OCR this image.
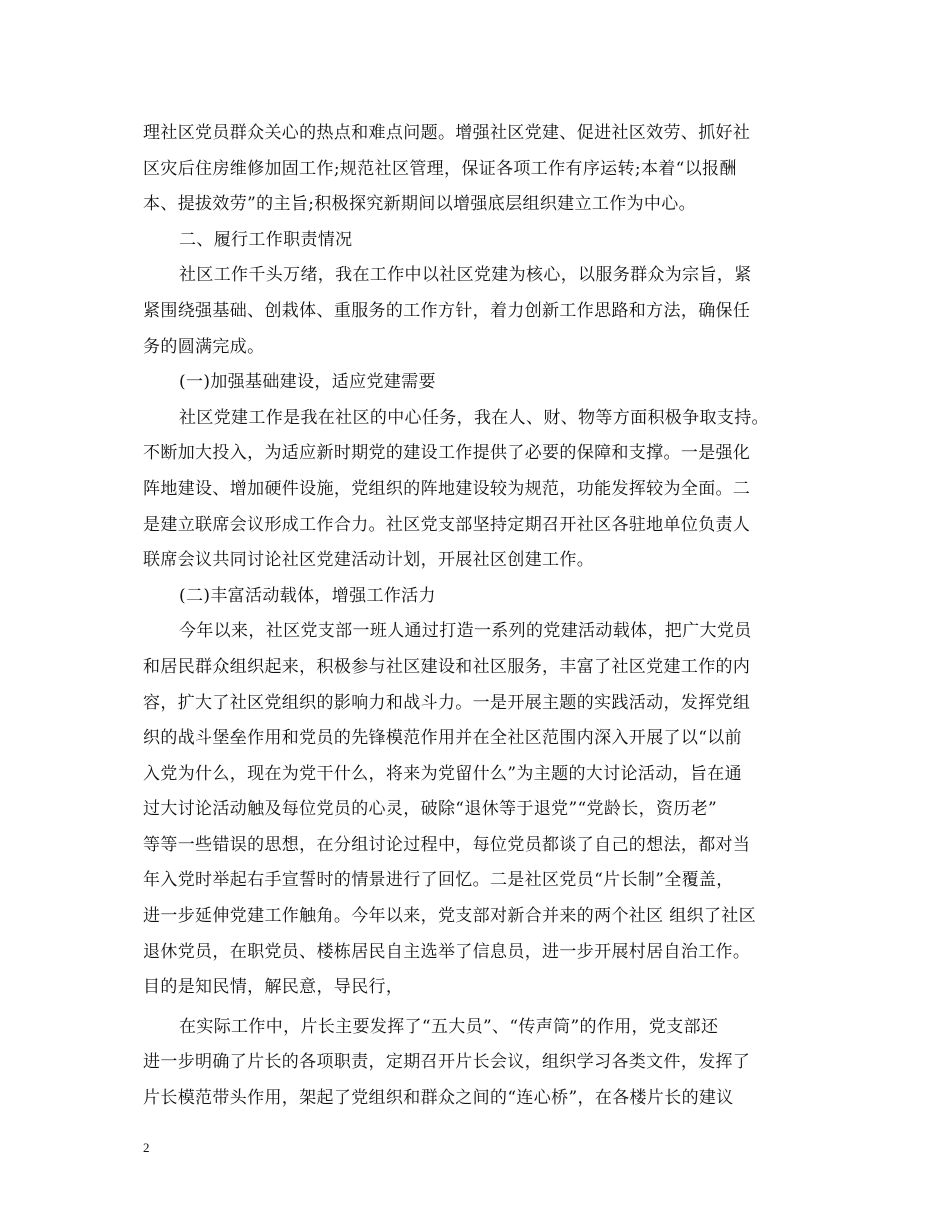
理社区党员群众关心的热点和难点问题。增强社区党建、促进社区效劳、抓好社
区灾后住房维修加固工作;规范社区管理，保证各项工作有序运转;本着“以报酬
本、提拔效劳”的主旨;积极探究新期间以增强底层组织建立工作为中心。
二、履行工作职责情况
社区工作千头万绪，我在工作中以社区党建为核心，以服务群众为宗旨，紧
紧围绕强基础、创栽体、重服务的工作方针，着力创新工作思路和方法，确保任
务的圆满完成。
(一)加强基础建设，适应党建需要
社区党建工作是我在社区的中心任务，我在人、财、物等方面积极争取支持。
不断加大投入，为适应新时期党的建设工作提供了必要的保障和支撑。一是强化
阵地建设、增加硬件设施，党组织的阵地建设较为规范，功能发挥较为全面。二
是建立联席会议形成工作合力。社区党支部坚持定期召开社区各驻地单位负责人
联席会议共同讨论社区党建活动计划，开展社区创建工作。
(二)丰富活动载体，增强工作活力
今年以来，社区党支部一班人通过打造一系列的党建活动载体，把广大党员
和居民群众组织起来，积极参与社区建设和社区服务，丰富了社区党建工作的内
容，扩大了社区党组织的影响力和战斗力。一是开展主题的实践活动，发挥党组
织的战斗堡垒作用和党员的先锋模范作用并在全社区范围内深入开展了以“以前
入党为什么，现在为党干什么，将来为党留什么”为主题的大讨论活动，旨在通
过大讨论活动触及每位党员的心灵，破除“退休等于退党”“党龄长，资历老”
等等一些错误的思想，在分组讨论过程中，每位党员都谈了自己的想法，都对当
年入党时举起右手宣誓时的情景进行了回忆。二是社区党员“片长制”全覆盖，
进一步延伸党建工作触角。今年以来，党支部对新合并来的两个社区 组织了社区
退休党员，在职党员、楼栋居民自主选举了信息员，进一步开展村居自治工作。
目的是知民情，解民意，导民行，
在实际工作中，片长主要发挥了“五大员”、“传声筒”的作用，党支部还
进一步明确了片长的各项职责，定期召开片长会议，组织学习各类文件，发挥了
片长模范带头作用，架起了党组织和群众之间的“连心桥”，在各楼片长的建议
2
